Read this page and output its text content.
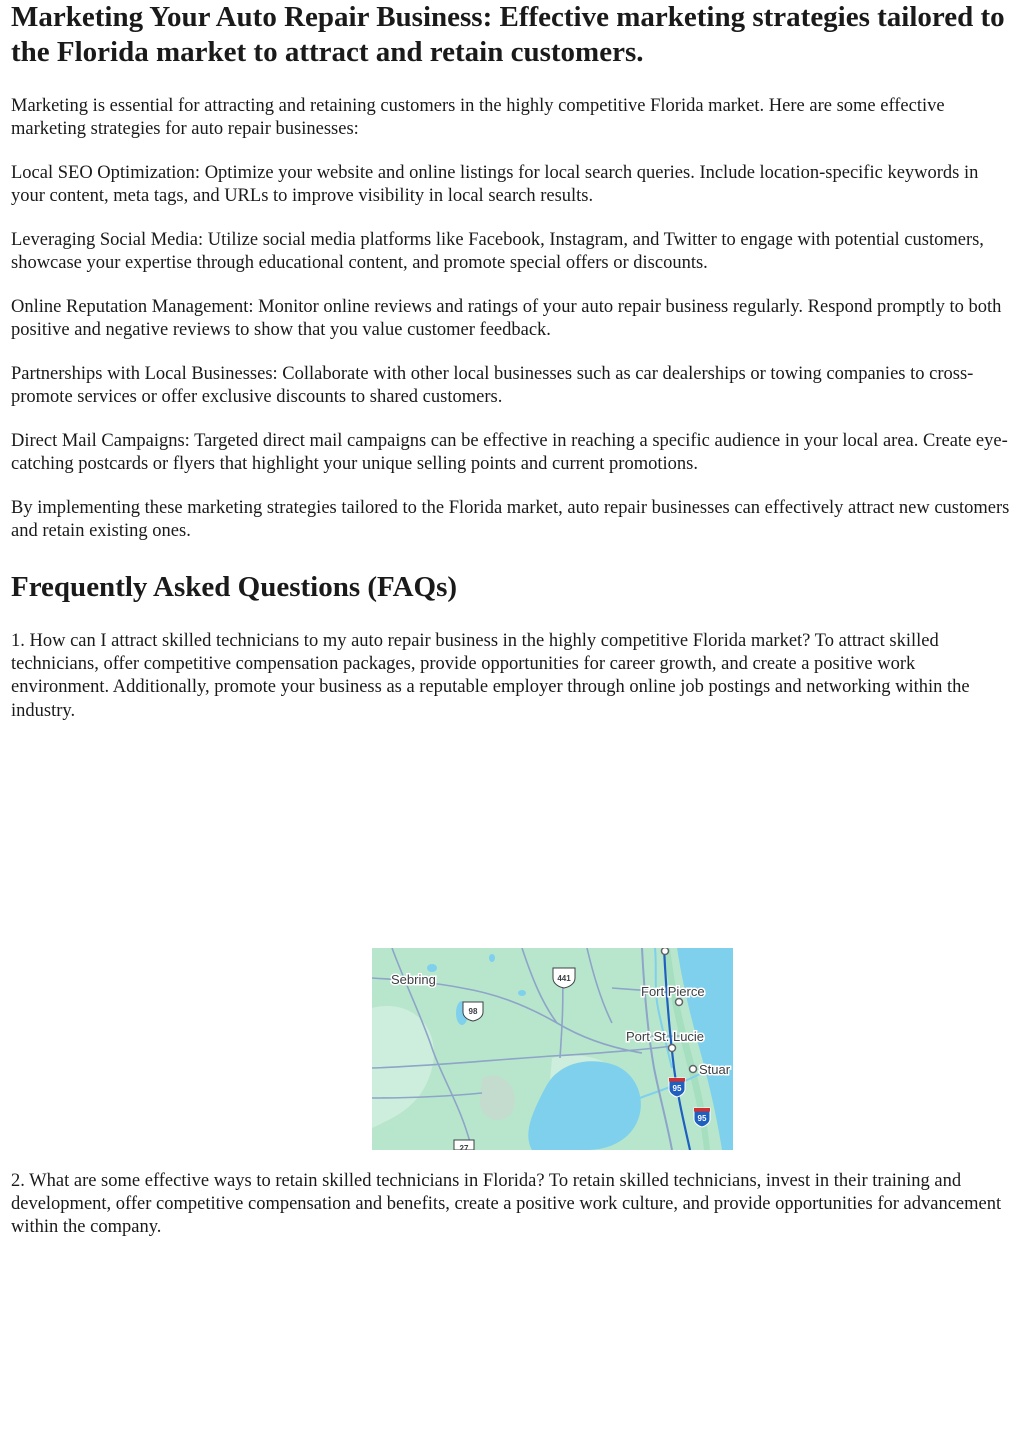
Marketing Your Auto Repair Business: Effective marketing strategies tailored to the Florida market to attract and retain customers.

Marketing is essential for attracting and retaining customers in the highly competitive Florida market. Here are some effective marketing strategies for auto repair businesses:

Local SEO Optimization: Optimize your website and online listings for local search queries. Include location-specific keywords in your content, meta tags, and URLs to improve visibility in local search results.

Leveraging Social Media: Utilize social media platforms like Facebook, Instagram, and Twitter to engage with potential customers, showcase your expertise through educational content, and promote special offers or discounts.

Online Reputation Management: Monitor online reviews and ratings of your auto repair business regularly. Respond promptly to both positive and negative reviews to show that you value customer feedback.

Partnerships with Local Businesses: Collaborate with other local businesses such as car dealerships or towing companies to cross-promote services or offer exclusive discounts to shared customers.

Direct Mail Campaigns: Targeted direct mail campaigns can be effective in reaching a specific audience in your local area. Create eye-catching postcards or flyers that highlight your unique selling points and current promotions.

By implementing these marketing strategies tailored to the Florida market, auto repair businesses can effectively attract new customers and retain existing ones.

Frequently Asked Questions (FAQs)

1. How can I attract skilled technicians to my auto repair business in the highly competitive Florida market? To attract skilled technicians, offer competitive compensation packages, provide opportunities for career growth, and create a positive work environment. Additionally, promote your business as a reputable employer through online job postings and networking within the industry.

2. What are some effective ways to retain skilled technicians in Florida? To retain skilled technicians, invest in their training and development, offer competitive compensation and benefits, create a positive work culture, and provide opportunities for advancement within the company.

Sebring
Fort Pierce
Port St. Lucie
Stuar
441
98
27
95
95
